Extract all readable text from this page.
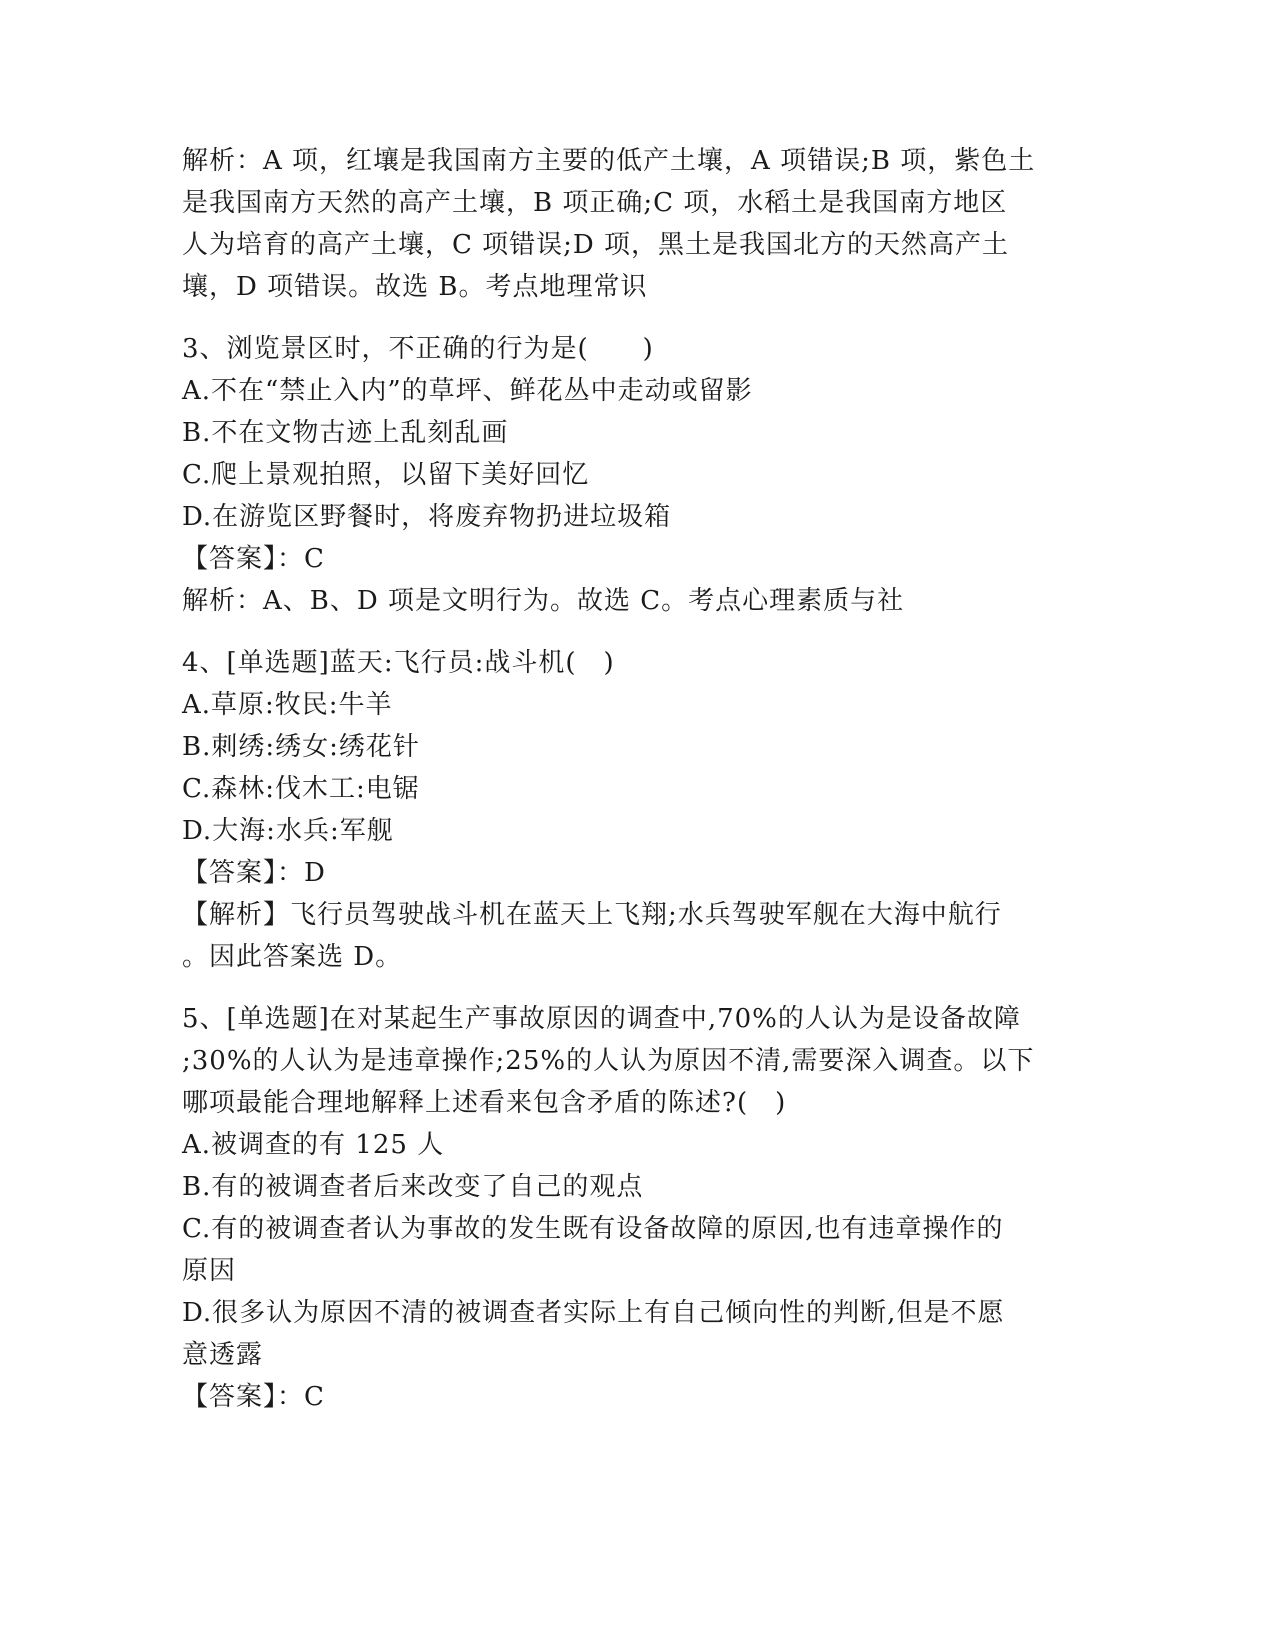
解析：A 项，红壤是我国南方主要的低产土壤，A 项错误;B 项，紫色土
是我国南方天然的高产土壤，B 项正确;C 项，水稻土是我国南方地区
人为培育的高产土壤，C 项错误;D 项，黑土是我国北方的天然高产土
壤，D 项错误。故选 B。考点地理常识
3、浏览景区时，不正确的行为是(　　)
A.不在“禁止入内”的草坪、鲜花丛中走动或留影
B.不在文物古迹上乱刻乱画
C.爬上景观拍照，以留下美好回忆
D.在游览区野餐时，将废弃物扔进垃圾箱
【答案】：C
解析：A、B、D 项是文明行为。故选 C。考点心理素质与社
4、[单选题]蓝天:飞行员:战斗机(　)
A.草原:牧民:牛羊
B.刺绣:绣女:绣花针
C.森林:伐木工:电锯
D.大海:水兵:军舰
【答案】：D
【解析】飞行员驾驶战斗机在蓝天上飞翔;水兵驾驶军舰在大海中航行
。因此答案选 D。
5、[单选题]在对某起生产事故原因的调查中,70%的人认为是设备故障
;30%的人认为是违章操作;25%的人认为原因不清,需要深入调查。以下
哪项最能合理地解释上述看来包含矛盾的陈述?(　)
A.被调查的有 125 人
B.有的被调查者后来改变了自己的观点
C.有的被调查者认为事故的发生既有设备故障的原因,也有违章操作的
原因
D.很多认为原因不清的被调查者实际上有自己倾向性的判断,但是不愿
意透露
【答案】：C
